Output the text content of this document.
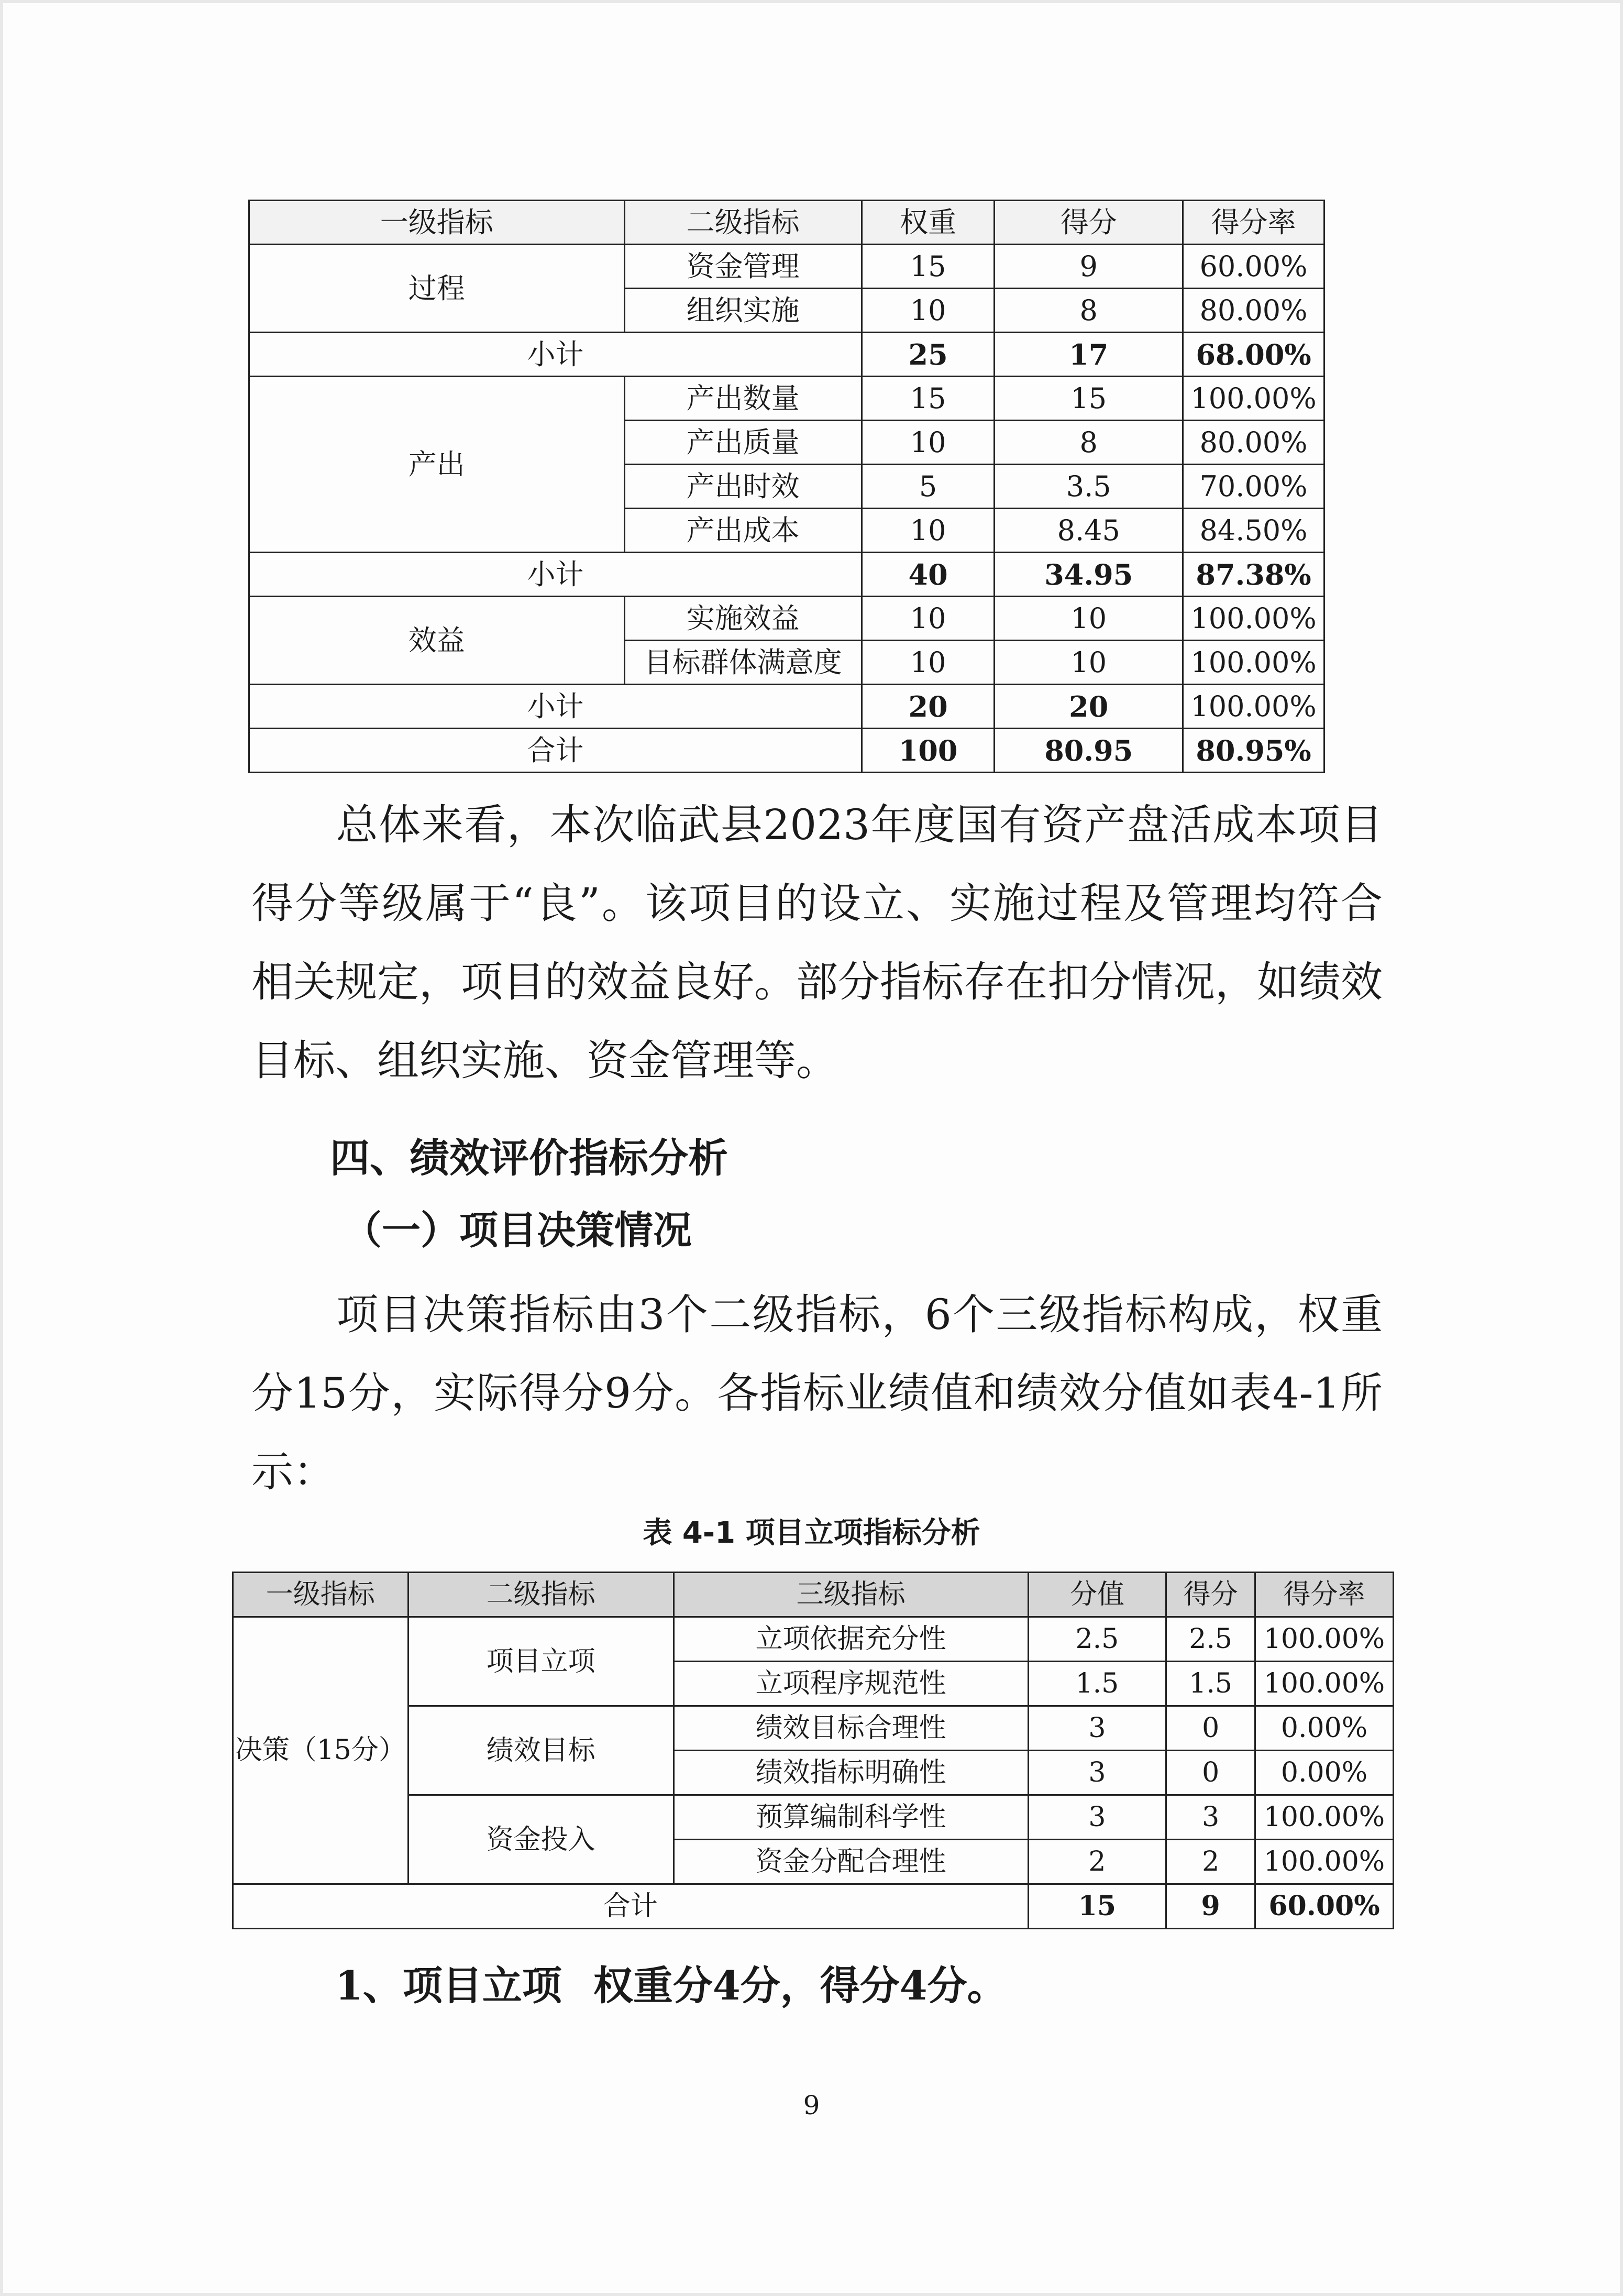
一级指标	二级指标	权重	得分	得分率
过程	资金管理	15	9	60.00%
	组织实施	10	8	80.00%
小计		25	17	68.00%
产出	产出数量	15	15	100.00%
	产出质量	10	8	80.00%
	产出时效	5	3.5	70.00%
	产出成本	10	8.45	84.50%
小计		40	34.95	87.38%
效益	实施效益	10	10	100.00%
	目标群体满意度	10	10	100.00%
小计		20	20	100.00%
合计		100	80.95	80.95%

总体来看，本次临武县2023年度国有资产盘活成本项目得分等级属于“良”。该项目的设立、实施过程及管理均符合相关规定，项目的效益良好。部分指标存在扣分情况，如绩效目标、组织实施、资金管理等。

四、绩效评价指标分析
（一）项目决策情况

项目决策指标由3个二级指标，6个三级指标构成，权重分15分，实际得分9分。各指标业绩值和绩效分值如表4-1所示：

表 4-1 项目立项指标分析
一级指标	二级指标	三级指标	分值	得分	得分率
决策（15分）	项目立项	立项依据充分性	2.5	2.5	100.00%
		立项程序规范性	1.5	1.5	100.00%
	绩效目标	绩效目标合理性	3	0	0.00%
		绩效指标明确性	3	0	0.00%
	资金投入	预算编制科学性	3	3	100.00%
		资金分配合理性	2	2	100.00%
合计			15	9	60.00%
1、项目立项 权重分4分，得分4分。
9
